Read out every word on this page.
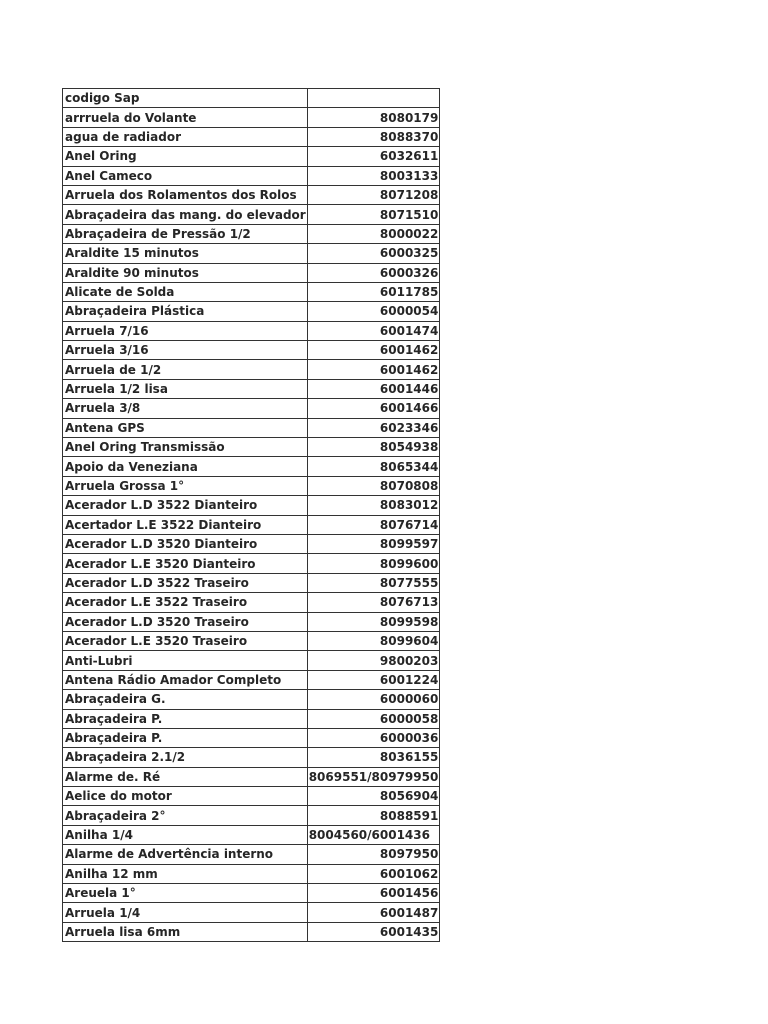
codigo Sap	
arrruela do Volante	8080179
agua de radiador	8088370
Anel Oring	6032611
Anel Cameco	8003133
Arruela dos Rolamentos dos Rolos	8071208
Abraçadeira das mang. do elevador	8071510
Abraçadeira de Pressão 1/2	8000022
Araldite 15 minutos	6000325
Araldite 90 minutos	6000326
Alicate de Solda	6011785
Abraçadeira Plástica	6000054
Arruela 7/16	6001474
Arruela 3/16	6001462
Arruela de 1/2	6001462
Arruela 1/2 lisa	6001446
Arruela 3/8	6001466
Antena GPS	6023346
Anel Oring Transmissão	8054938
Apoio da Veneziana	8065344
Arruela Grossa 1°	8070808
Acerador L.D 3522 Dianteiro	8083012
Acertador L.E 3522 Dianteiro	8076714
Acerador L.D 3520 Dianteiro	8099597
Acerador L.E 3520 Dianteiro	8099600
Acerador L.D 3522 Traseiro	8077555
Acerador L.E 3522 Traseiro	8076713
Acerador L.D 3520 Traseiro	8099598
Acerador L.E 3520 Traseiro	8099604
Anti-Lubri	9800203
Antena Rádio Amador Completo	6001224
Abraçadeira G.	6000060
Abraçadeira P.	6000058
Abraçadeira P.	6000036
Abraçadeira 2.1/2	8036155
Alarme de. Ré	8069551/80979950
Aelice do motor	8056904
Abraçadeira 2°	8088591
Anilha 1/4	8004560/6001436
Alarme de Advertência interno	8097950
Anilha 12 mm	6001062
Areuela 1°	6001456
Arruela 1/4	6001487
Arruela lisa 6mm	6001435
